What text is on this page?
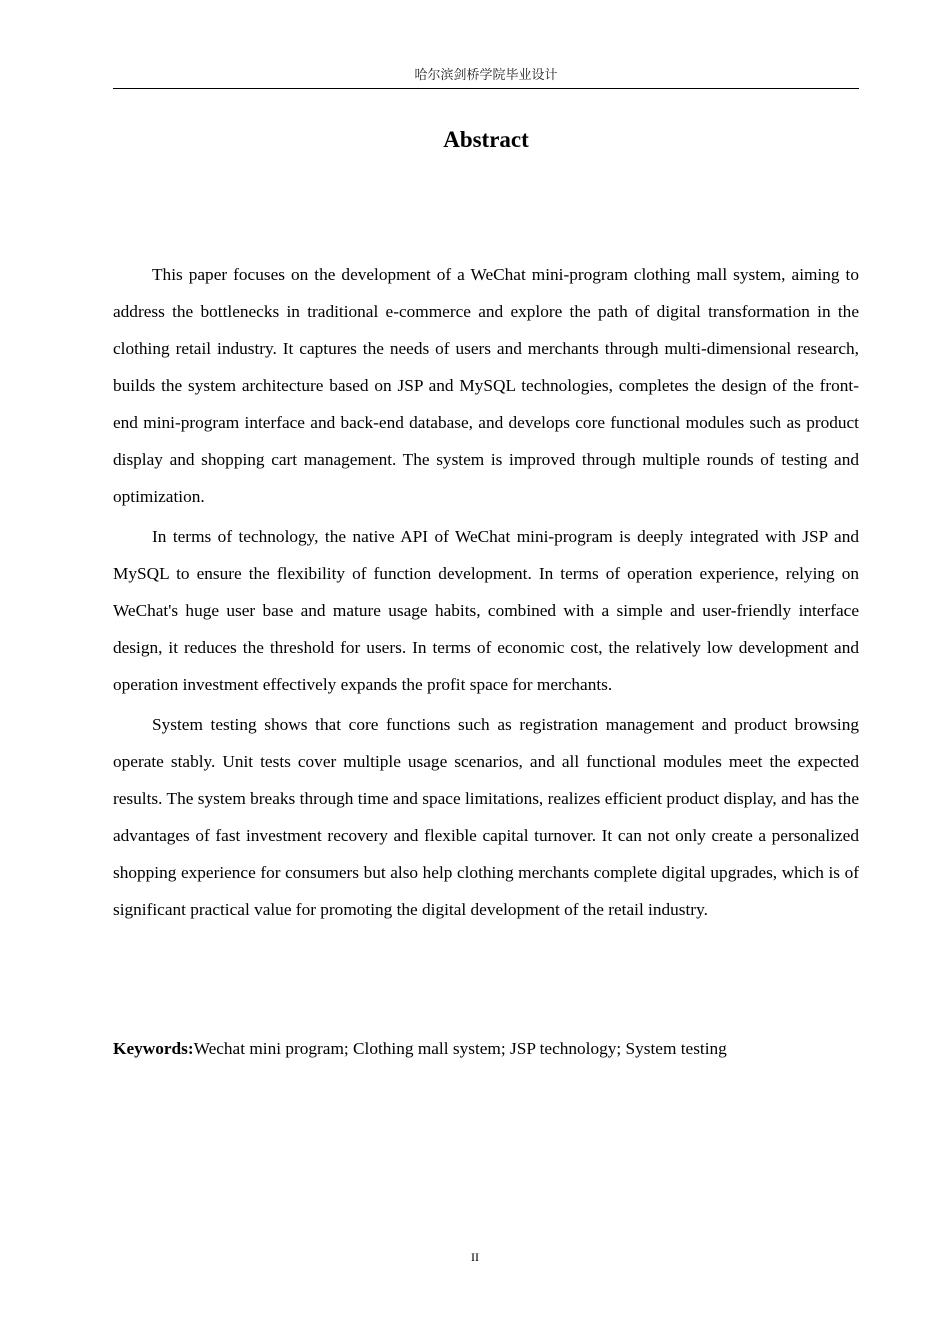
哈尔滨剑桥学院毕业设计
Abstract

This paper focuses on the development of a WeChat mini-program clothing mall system, aiming to address the bottlenecks in traditional e-commerce and explore the path of digital transformation in the clothing retail industry. It captures the needs of users and merchants through multi-dimensional research, builds the system architecture based on JSP and MySQL technologies, completes the design of the front-end mini-program interface and back-end database, and develops core functional modules such as product display and shopping cart management. The system is improved through multiple rounds of testing and optimization.

In terms of technology, the native API of WeChat mini-program is deeply integrated with JSP and MySQL to ensure the flexibility of function development. In terms of operation experience, relying on WeChat's huge user base and mature usage habits, combined with a simple and user-friendly interface design, it reduces the threshold for users. In terms of economic cost, the relatively low development and operation investment effectively expands the profit space for merchants.

System testing shows that core functions such as registration management and product browsing operate stably. Unit tests cover multiple usage scenarios, and all functional modules meet the expected results. The system breaks through time and space limitations, realizes efficient product display, and has the advantages of fast investment recovery and flexible capital turnover. It can not only create a personalized shopping experience for consumers but also help clothing merchants complete digital upgrades, which is of significant practical value for promoting the digital development of the retail industry.

Keywords:Wechat mini program; Clothing mall system; JSP technology; System testing
II
